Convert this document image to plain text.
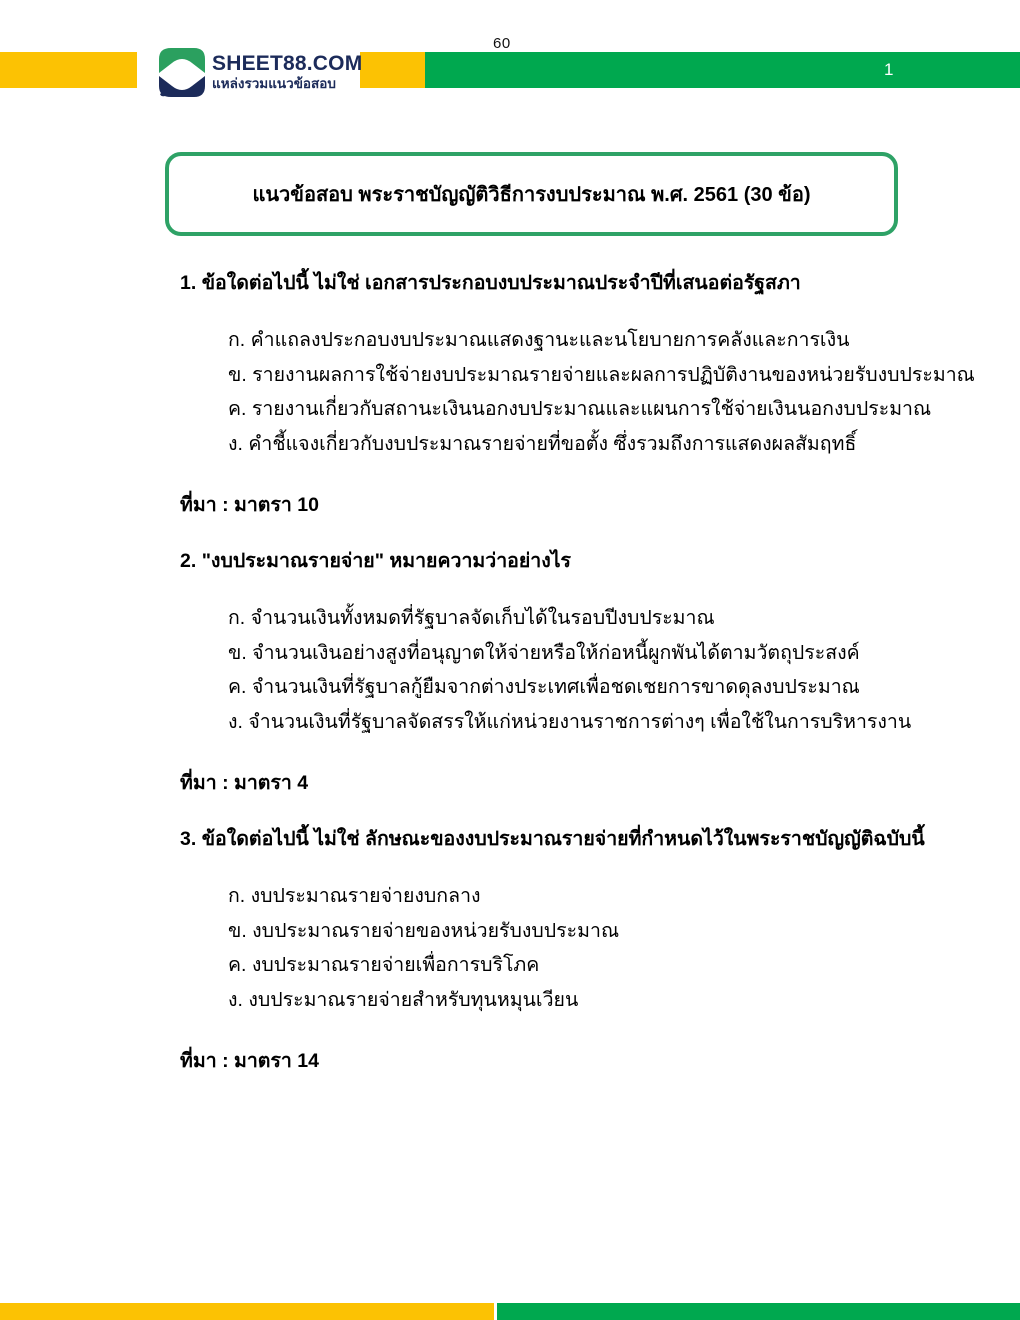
60
1
SHEET88.COM
แหล่งรวมแนวข้อสอบ
แนวข้อสอบ พระราชบัญญัติวิธีการงบประมาณ พ.ศ. 2561 (30 ข้อ)
1. ข้อใดต่อไปนี้ ไม่ใช่ เอกสารประกอบงบประมาณประจำปีที่เสนอต่อรัฐสภา
ก. คำแถลงประกอบงบประมาณแสดงฐานะและนโยบายการคลังและการเงิน
ข. รายงานผลการใช้จ่ายงบประมาณรายจ่ายและผลการปฏิบัติงานของหน่วยรับงบประมาณ
ค. รายงานเกี่ยวกับสถานะเงินนอกงบประมาณและแผนการใช้จ่ายเงินนอกงบประมาณ
ง. คำชี้แจงเกี่ยวกับงบประมาณรายจ่ายที่ขอตั้ง ซึ่งรวมถึงการแสดงผลสัมฤทธิ์

ที่มา : มาตรา 10

2. "งบประมาณรายจ่าย" หมายความว่าอย่างไร
ก. จำนวนเงินทั้งหมดที่รัฐบาลจัดเก็บได้ในรอบปีงบประมาณ
ข. จำนวนเงินอย่างสูงที่อนุญาตให้จ่ายหรือให้ก่อหนี้ผูกพันได้ตามวัตถุประสงค์
ค. จำนวนเงินที่รัฐบาลกู้ยืมจากต่างประเทศเพื่อชดเชยการขาดดุลงบประมาณ
ง. จำนวนเงินที่รัฐบาลจัดสรรให้แก่หน่วยงานราชการต่างๆ เพื่อใช้ในการบริหารงาน

ที่มา : มาตรา 4

3. ข้อใดต่อไปนี้ ไม่ใช่ ลักษณะของงบประมาณรายจ่ายที่กำหนดไว้ในพระราชบัญญัติฉบับนี้
ก. งบประมาณรายจ่ายงบกลาง
ข. งบประมาณรายจ่ายของหน่วยรับงบประมาณ
ค. งบประมาณรายจ่ายเพื่อการบริโภค
ง. งบประมาณรายจ่ายสำหรับทุนหมุนเวียน

ที่มา : มาตรา 14
